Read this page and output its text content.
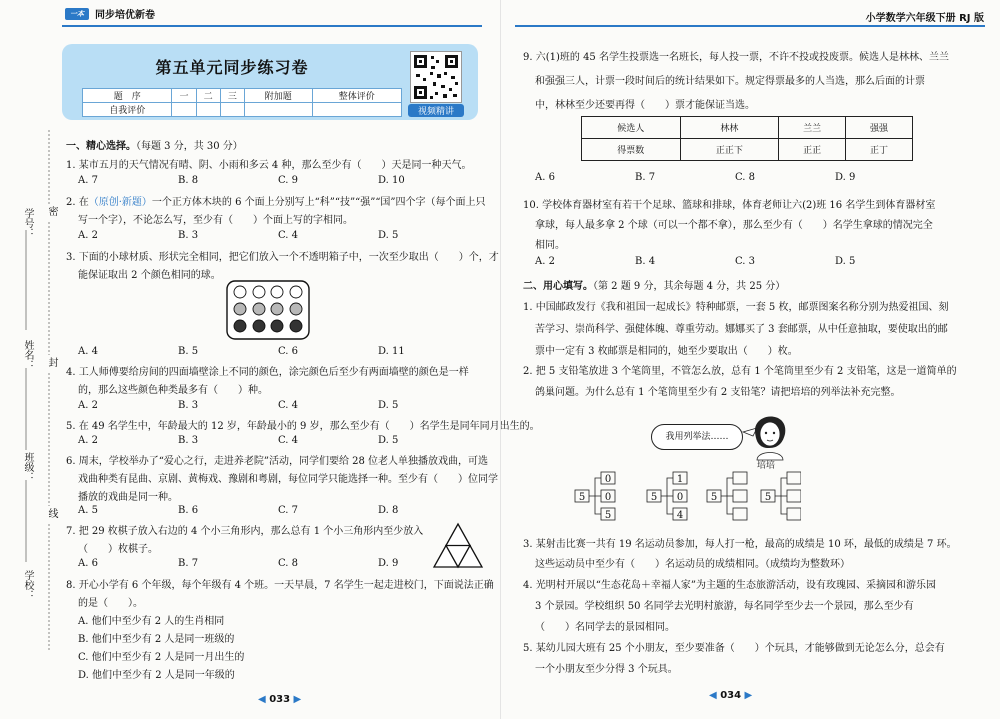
一本	同步培优新卷
第五单元同步练习卷
题　序	一	二	三	附加题	整体评价
自我评价						视频精讲
学号：
姓名：
班级：
学校：
密
封
线
一、精心选择。（每题 3 分，共 30 分）
1. 某市五月的天气情况有晴、阴、小雨和多云 4 种，那么至少有（　　）天是同一种天气。
A. 7	B. 8	C. 9	D. 10
2. 在（原创·新题）一个正方体木块的 6 个面上分别写上“科”“技”“强”“国”四个字（每个面上只
写一个字），不论怎么写，至少有（　　）个面上写的字相同。
A. 2	B. 3	C. 4	D. 5
3. 下面的小球材质、形状完全相同，把它们放入一个不透明箱子中，一次至少取出（　　）个，才
能保证取出 2 个颜色相同的球。
A. 4	B. 5	C. 6	D. 11
4. 工人师傅要给房间的四面墙壁涂上不同的颜色，涂完颜色后至少有两面墙壁的颜色是一样
的，那么这些颜色种类最多有（　　）种。
A. 2	B. 3	C. 4	D. 5
5. 在 49 名学生中，年龄最大的 12 岁，年龄最小的 9 岁，那么至少有（　　）名学生是同年同月出生的。
A. 2	B. 3	C. 4	D. 5
6. 周末，学校举办了“爱心之行，走进养老院”活动，同学们要给 28 位老人单独播放戏曲，可选
戏曲种类有昆曲、京剧、黄梅戏、豫剧和粤剧，每位同学只能选择一种。至少有（　　）位同学
播放的戏曲是同一种。
A. 5	B. 6	C. 7	D. 8
7. 把 29 枚棋子放入右边的 4 个小三角形内，那么总有 1 个小三角形内至少放入
（　　）枚棋子。
A. 6	B. 7	C. 8	D. 9
8. 开心小学有 6 个年级，每个年级有 4 个班。一天早晨，7 名学生一起走进校门，下面说法正确
的是（　　）。
A. 他们中至少有 2 人的生肖相同
B. 他们中至少有 2 人是同一班级的
C. 他们中至少有 2 人是同一月出生的
D. 他们中至少有 2 人是同一年级的
◀ 033 ▶
小学数学六年级下册 RJ 版
9. 六(1)班的 45 名学生投票选一名班长，每人投一票，不许不投或投废票。候选人是林林、兰兰
和强强三人，计票一段时间后的统计结果如下。规定得票最多的人当选，那么后面的计票
中，林林至少还要再得（　　）票才能保证当选。
候选人	林林	兰兰	强强
得票数	正正下	正正	正丁
A. 6	B. 7	C. 8	D. 9
10. 学校体育器材室有若干个足球、篮球和排球，体育老师让六(2)班 16 名学生到体育器材室
拿球，每人最多拿 2 个球（可以一个都不拿），那么至少有（　　）名学生拿球的情况完全
相同。
A. 2	B. 4	C. 3	D. 5
二、用心填写。（第 2 题 9 分，其余每题 4 分，共 25 分）
1. 中国邮政发行《我和祖国一起成长》特种邮票，一套 5 枚，邮票图案名称分别为热爱祖国、刻
苦学习、崇尚科学、强健体魄、尊重劳动。娜娜买了 3 套邮票，从中任意抽取，要使取出的邮
票中一定有 3 枚邮票是相同的，她至少要取出（　　）枚。
2. 把 5 支铅笔放进 3 个笔筒里，不管怎么放，总有 1 个笔筒里至少有 2 支铅笔，这是一道简单的
鸽巢问题。为什么总有 1 个笔筒里至少有 2 支铅笔？请把培培的列举法补充完整。
我用列举法……
培培
5
0
0
5
5
1
0
4
5	5
3. 某射击比赛一共有 19 名运动员参加，每人打一枪，最高的成绩是 10 环，最低的成绩是 7 环。
这些运动员中至少有（　　）名运动员的成绩相同。（成绩均为整数环）
4. 光明村开展以“生态花岛＋幸福人家”为主题的生态旅游活动，设有玫瑰园、采摘园和游乐园
3 个景园。学校组织 50 名同学去光明村旅游，每名同学至少去一个景园，那么至少有
（　　）名同学去的景园相同。
5. 某幼儿园大班有 25 个小朋友，至少要准备（　　）个玩具，才能够做到无论怎么分，总会有
一个小朋友至少分得 3 个玩具。
◀ 034 ▶
